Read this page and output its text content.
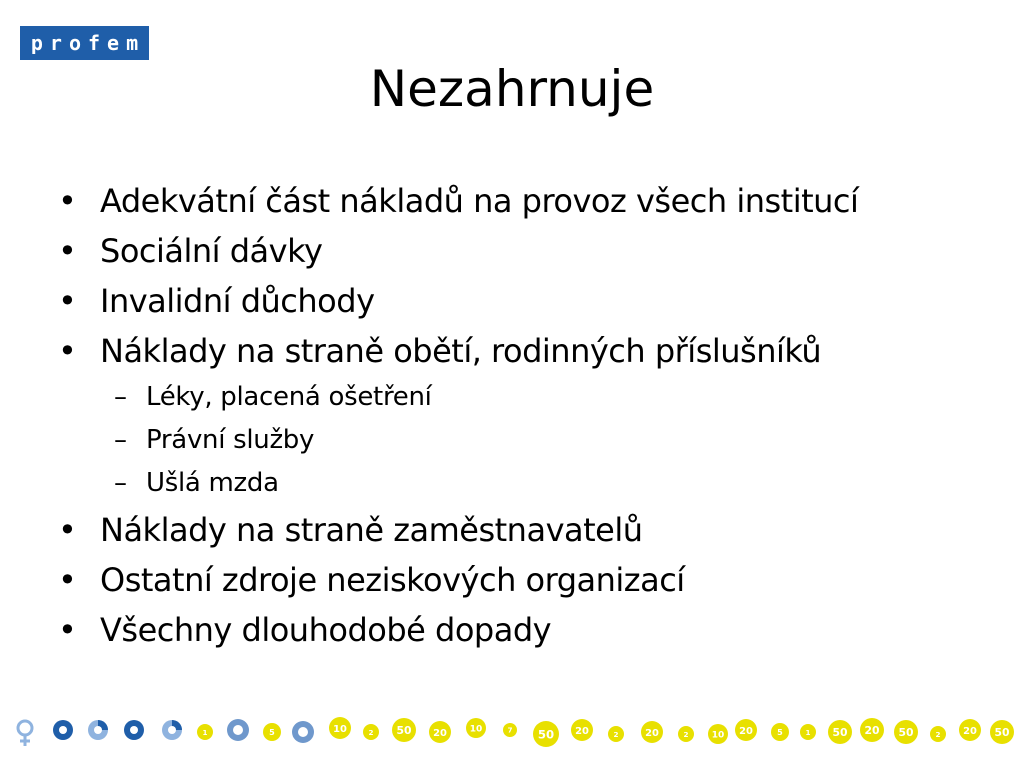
p r o f e m
Nezahrnuje
• Adekvátní část nákladů na provoz všech institucí
• Sociální dávky
• Invalidní důchody
• Náklady na straně obětí, rodinných příslušníků
– Léky, placená ošetření
– Právní služby
– Ušlá mzda
• Náklady na straně zaměstnavatelů
• Ostatní zdroje neziskových organizací
• Všechny dlouhodobé dopady
1	5	10	2 50 20	10	7 50 20	2	20	2	10 20	5	1 50 20 50	2 20 50
